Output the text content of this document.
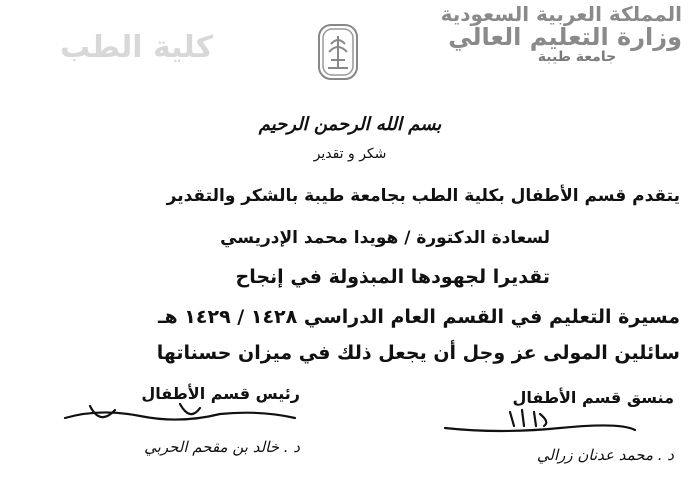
المملكة العربية السعودية
وزارة التعليم العالي
جامعة طيبة
كلية الطب
بسم الله الرحمن الرحيم
شكر و تقدير
يتقدم قسم الأطفال بكلية الطب بجامعة طيبة بالشكر والتقدير
لسعادة الدكتورة / هويدا محمد الإدريسي
تقديرا لجهودها المبذولة في إنجاح
مسيرة التعليم في القسم العام الدراسي ١٤٢٨ / ١٤٢٩ هـ
سائلين المولى عز وجل أن يجعل ذلك في ميزان حسناتها
رئيس قسم الأطفال
د . خالد بن مقحم الحربي
منسق قسم الأطفال
د . محمد عدنان زرالي
